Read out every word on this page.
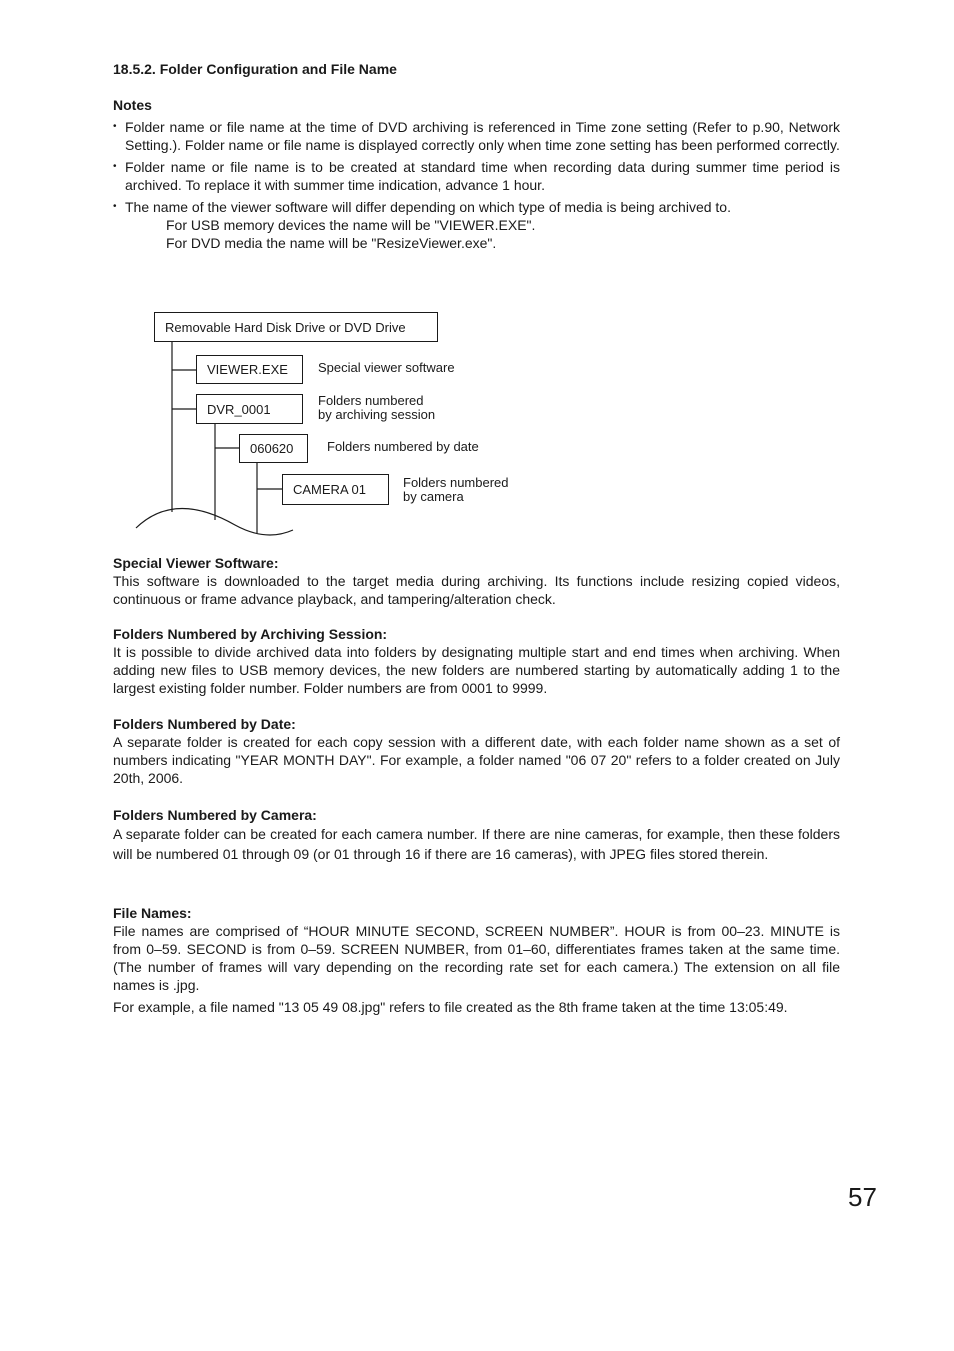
18.5.2. Folder Configuration and File Name
Notes
• Folder name or file name at the time of DVD archiving is referenced in Time zone setting (Refer to p.90, Network Setting.). Folder name or file name is displayed correctly only when time zone setting has been performed correctly.
• Folder name or file name is to be created at standard time when recording data during summer time period is archived. To replace it with summer time indication, advance 1 hour.
• The name of the viewer software will differ depending on which type of media is being archived to.
For USB memory devices the name will be "VIEWER.EXE".
For DVD media the name will be "ResizeViewer.exe".
Removable Hard Disk Drive or DVD Drive
VIEWER.EXE Special viewer software
DVR_0001
Folders numbered
by archiving session
060620	Folders numbered by date
CAMERA 01	Folders numbered
by camera
Special Viewer Software:

This software is downloaded to the target media during archiving. Its functions include resizing copied videos, continuous or frame advance playback, and tampering/alteration check.

Folders Numbered by Archiving Session:

It is possible to divide archived data into folders by designating multiple start and end times when archiving. When adding new files to USB memory devices, the new folders are numbered starting by automatically adding 1 to the largest existing folder number. Folder numbers are from 0001 to 9999.

Folders Numbered by Date:

A separate folder is created for each copy session with a different date, with each folder name shown as a set of numbers indicating "YEAR MONTH DAY". For example, a folder named "06 07 20" refers to a folder created on July 20th, 2006.

Folders Numbered by Camera:

A separate folder can be created for each camera number. If there are nine cameras, for example, then these folders will be numbered 01 through 09 (or 01 through 16 if there are 16 cameras), with JPEG files stored therein.

File Names:

File names are comprised of “HOUR MINUTE SECOND, SCREEN NUMBER”. HOUR is from 00–23. MINUTE is from 0–59. SECOND is from 0–59. SCREEN NUMBER, from 01–60, differentiates frames taken at the same time. (The number of frames will vary depending on the recording rate set for each camera.) The extension on all file names is .jpg.

For example, a file named "13 05 49 08.jpg" refers to file created as the 8th frame taken at the time 13:05:49.

57
